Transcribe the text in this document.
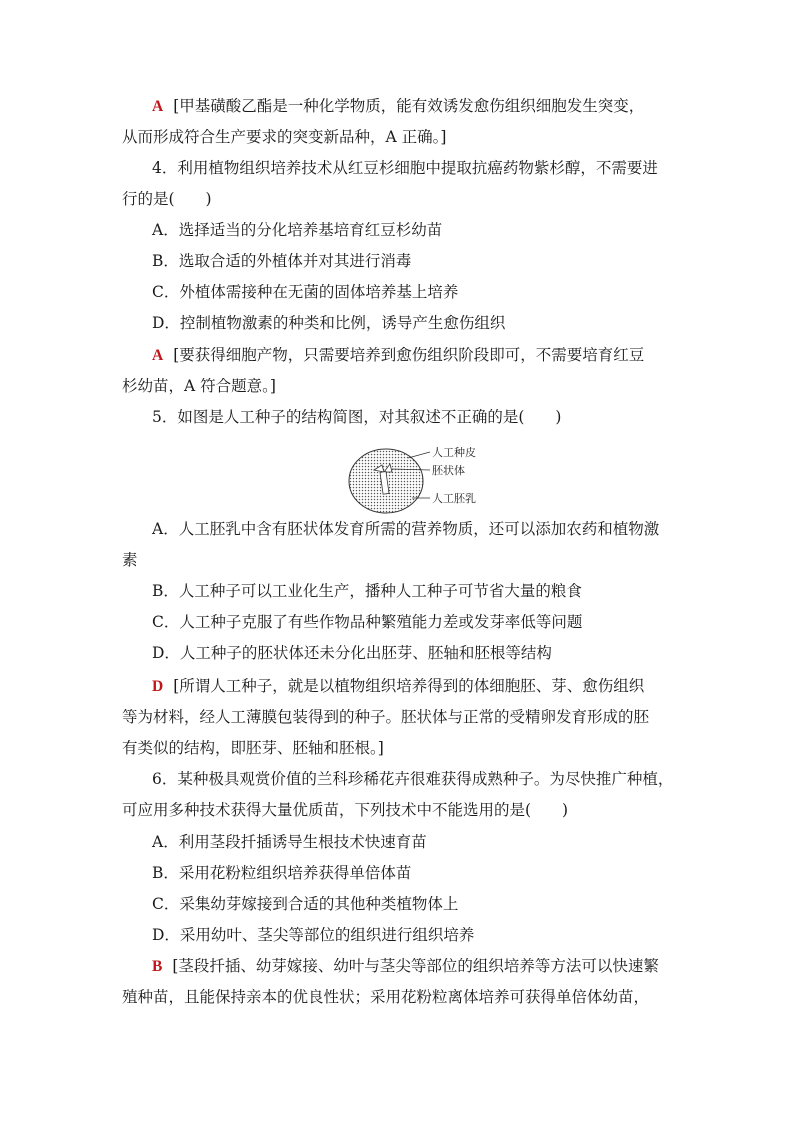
A [甲基磺酸乙酯是一种化学物质，能有效诱发愈伤组织细胞发生突变，
从而形成符合生产要求的突变新品种，A 正确。]
4．利用植物组织培养技术从红豆杉细胞中提取抗癌药物紫杉醇，不需要进
行的是(　　)
A．选择适当的分化培养基培育红豆杉幼苗
B．选取合适的外植体并对其进行消毒
C．外植体需接种在无菌的固体培养基上培养
D．控制植物激素的种类和比例，诱导产生愈伤组织
A [要获得细胞产物，只需要培养到愈伤组织阶段即可，不需要培育红豆
杉幼苗，A 符合题意。]
5．如图是人工种子的结构简图，对其叙述不正确的是(　　)
人工种皮
胚状体
人工胚乳
A．人工胚乳中含有胚状体发育所需的营养物质，还可以添加农药和植物激
素
B．人工种子可以工业化生产，播种人工种子可节省大量的粮食
C．人工种子克服了有些作物品种繁殖能力差或发芽率低等问题
D．人工种子的胚状体还未分化出胚芽、胚轴和胚根等结构
D [所谓人工种子，就是以植物组织培养得到的体细胞胚、芽、愈伤组织
等为材料，经人工薄膜包装得到的种子。胚状体与正常的受精卵发育形成的胚
有类似的结构，即胚芽、胚轴和胚根。]
6．某种极具观赏价值的兰科珍稀花卉很难获得成熟种子。为尽快推广种植，
可应用多种技术获得大量优质苗，下列技术中不能选用的是(　　)
A．利用茎段扦插诱导生根技术快速育苗
B．采用花粉粒组织培养获得单倍体苗
C．采集幼芽嫁接到合适的其他种类植物体上
D．采用幼叶、茎尖等部位的组织进行组织培养
B [茎段扦插、幼芽嫁接、幼叶与茎尖等部位的组织培养等方法可以快速繁
殖种苗，且能保持亲本的优良性状；采用花粉粒离体培养可获得单倍体幼苗，
